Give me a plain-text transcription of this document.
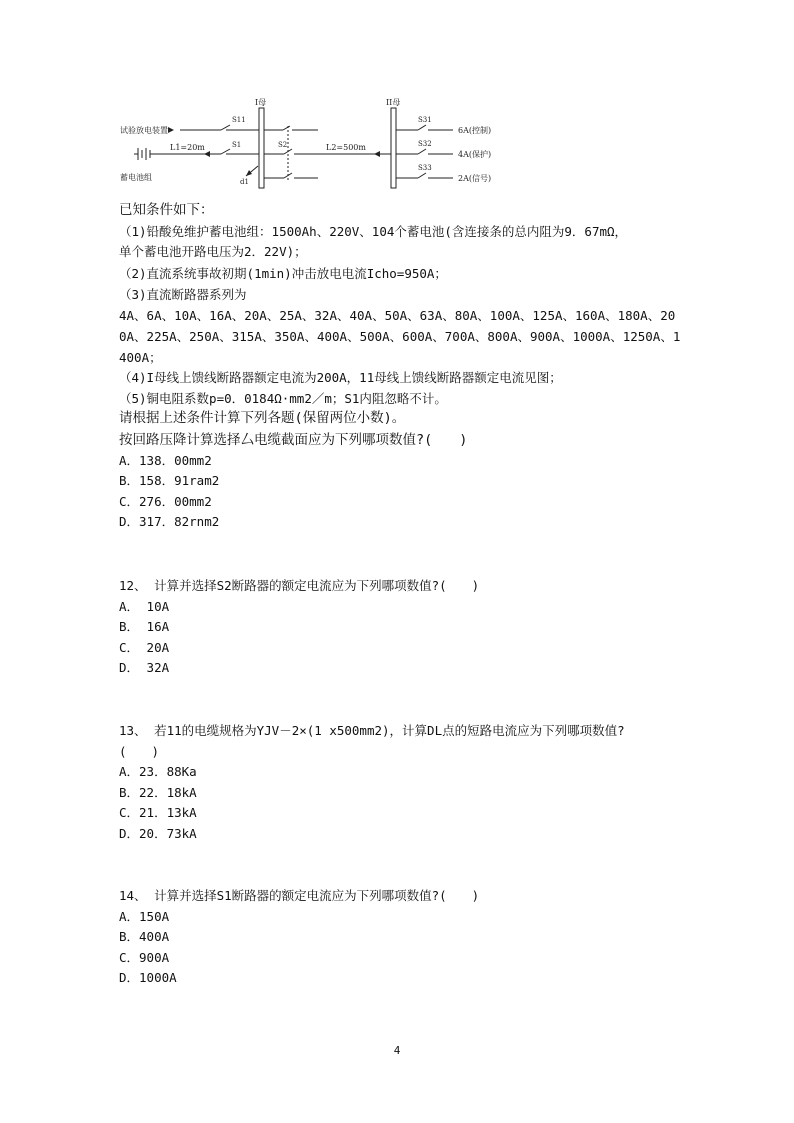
试验放电装置
蓄电池组
I母	II母
L1=20m	L2=500m
S11
S1	S2
d1
S31
S32
S33
6A(控制)
4A(保护)
2A(信号)
已知条件如下：
（1)铅酸免维护蓄电池组：1500Ah、220V、104个蓄电池(含连接条的总内阻为9．67mΩ，
单个蓄电池开路电压为2．22V)；
（2)直流系统事故初期(1min)冲击放电电流Icho=950A；
（3)直流断路器系列为
4A、6A、10A、16A、20A、25A、32A、40A、50A、63A、80A、100A、125A、160A、180A、20
0A、225A、250A、315A、350A、400A、500A、600A、700A、800A、900A、1000A、1250A、1
400A；
（4)I母线上馈线断路器额定电流为200A，11母线上馈线断路器额定电流见图；
（5)铜电阻系数p=0．0184Ω·mm2／m；S1内阻忽略不计。
请根据上述条件计算下列各题(保留两位小数)。
按回路压降计算选择厶电缆截面应为下列哪项数值?(　　)
A．138．00mm2
B．158．91ram2
C．276．00mm2
D．317．82rnm2
12、 计算并选择S2断路器的额定电流应为下列哪项数值?(　　)
A． 10A
B． 16A
C． 20A
D． 32A
13、 若11的电缆规格为YJV－2×(1 x500mm2)，计算DL点的短路电流应为下列哪项数值?
(　　)
A．23．88Ka
B．22．18kA
C．21．13kA
D．20．73kA
14、 计算并选择S1断路器的额定电流应为下列哪项数值?(　　)
A．150A
B．400A
C．900A
D．1000A
4
